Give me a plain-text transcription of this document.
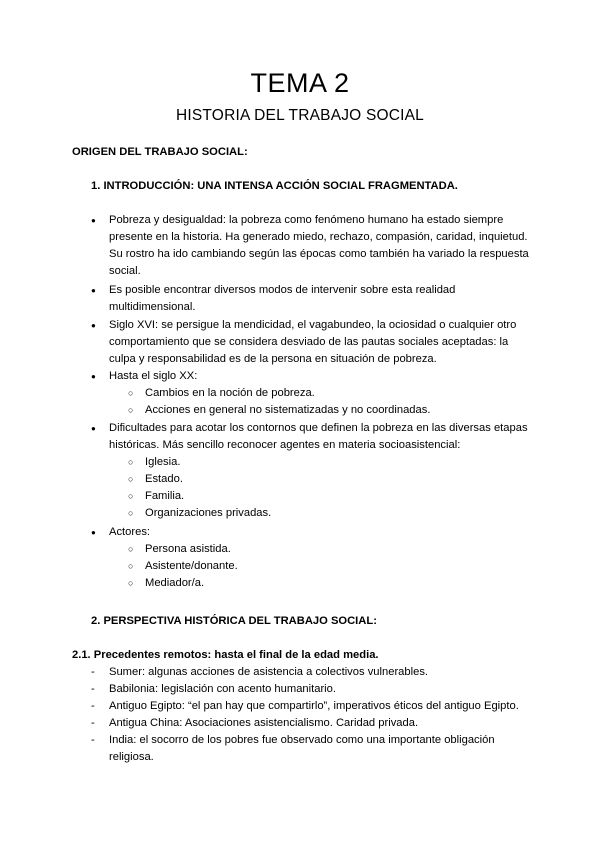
TEMA 2
HISTORIA DEL TRABAJO SOCIAL
ORIGEN DEL TRABAJO SOCIAL:
1. INTRODUCCIÓN: UNA INTENSA ACCIÓN SOCIAL FRAGMENTADA.
● Pobreza y desigualdad: la pobreza como fenómeno humano ha estado siempre
presente en la historia. Ha generado miedo, rechazo, compasión, caridad, inquietud.
Su rostro ha ido cambiando según las épocas como también ha variado la respuesta
social.
● Es posible encontrar diversos modos de intervenir sobre esta realidad
multidimensional.
● Siglo XVI: se persigue la mendicidad, el vagabundeo, la ociosidad o cualquier otro
comportamiento que se considera desviado de las pautas sociales aceptadas: la
culpa y responsabilidad es de la persona en situación de pobreza.
● Hasta el siglo XX:
○ Cambios en la noción de pobreza.
○ Acciones en general no sistematizadas y no coordinadas.
● Dificultades para acotar los contornos que definen la pobreza en las diversas etapas
históricas. Más sencillo reconocer agentes en materia socioasistencial:
○ Iglesia.
○ Estado.
○ Familia.
○ Organizaciones privadas.
● Actores:
○ Persona asistida.
○ Asistente/donante.
○ Mediador/a.
2. PERSPECTIVA HISTÓRICA DEL TRABAJO SOCIAL:
2.1. Precedentes remotos: hasta el final de la edad media.
- Sumer: algunas acciones de asistencia a colectivos vulnerables.
- Babilonia: legislación con acento humanitario.
- Antiguo Egipto: “el pan hay que compartirlo”, imperativos éticos del antiguo Egipto.
- Antigua China: Asociaciones asistencialismo. Caridad privada.
- India: el socorro de los pobres fue observado como una importante obligación
religiosa.
